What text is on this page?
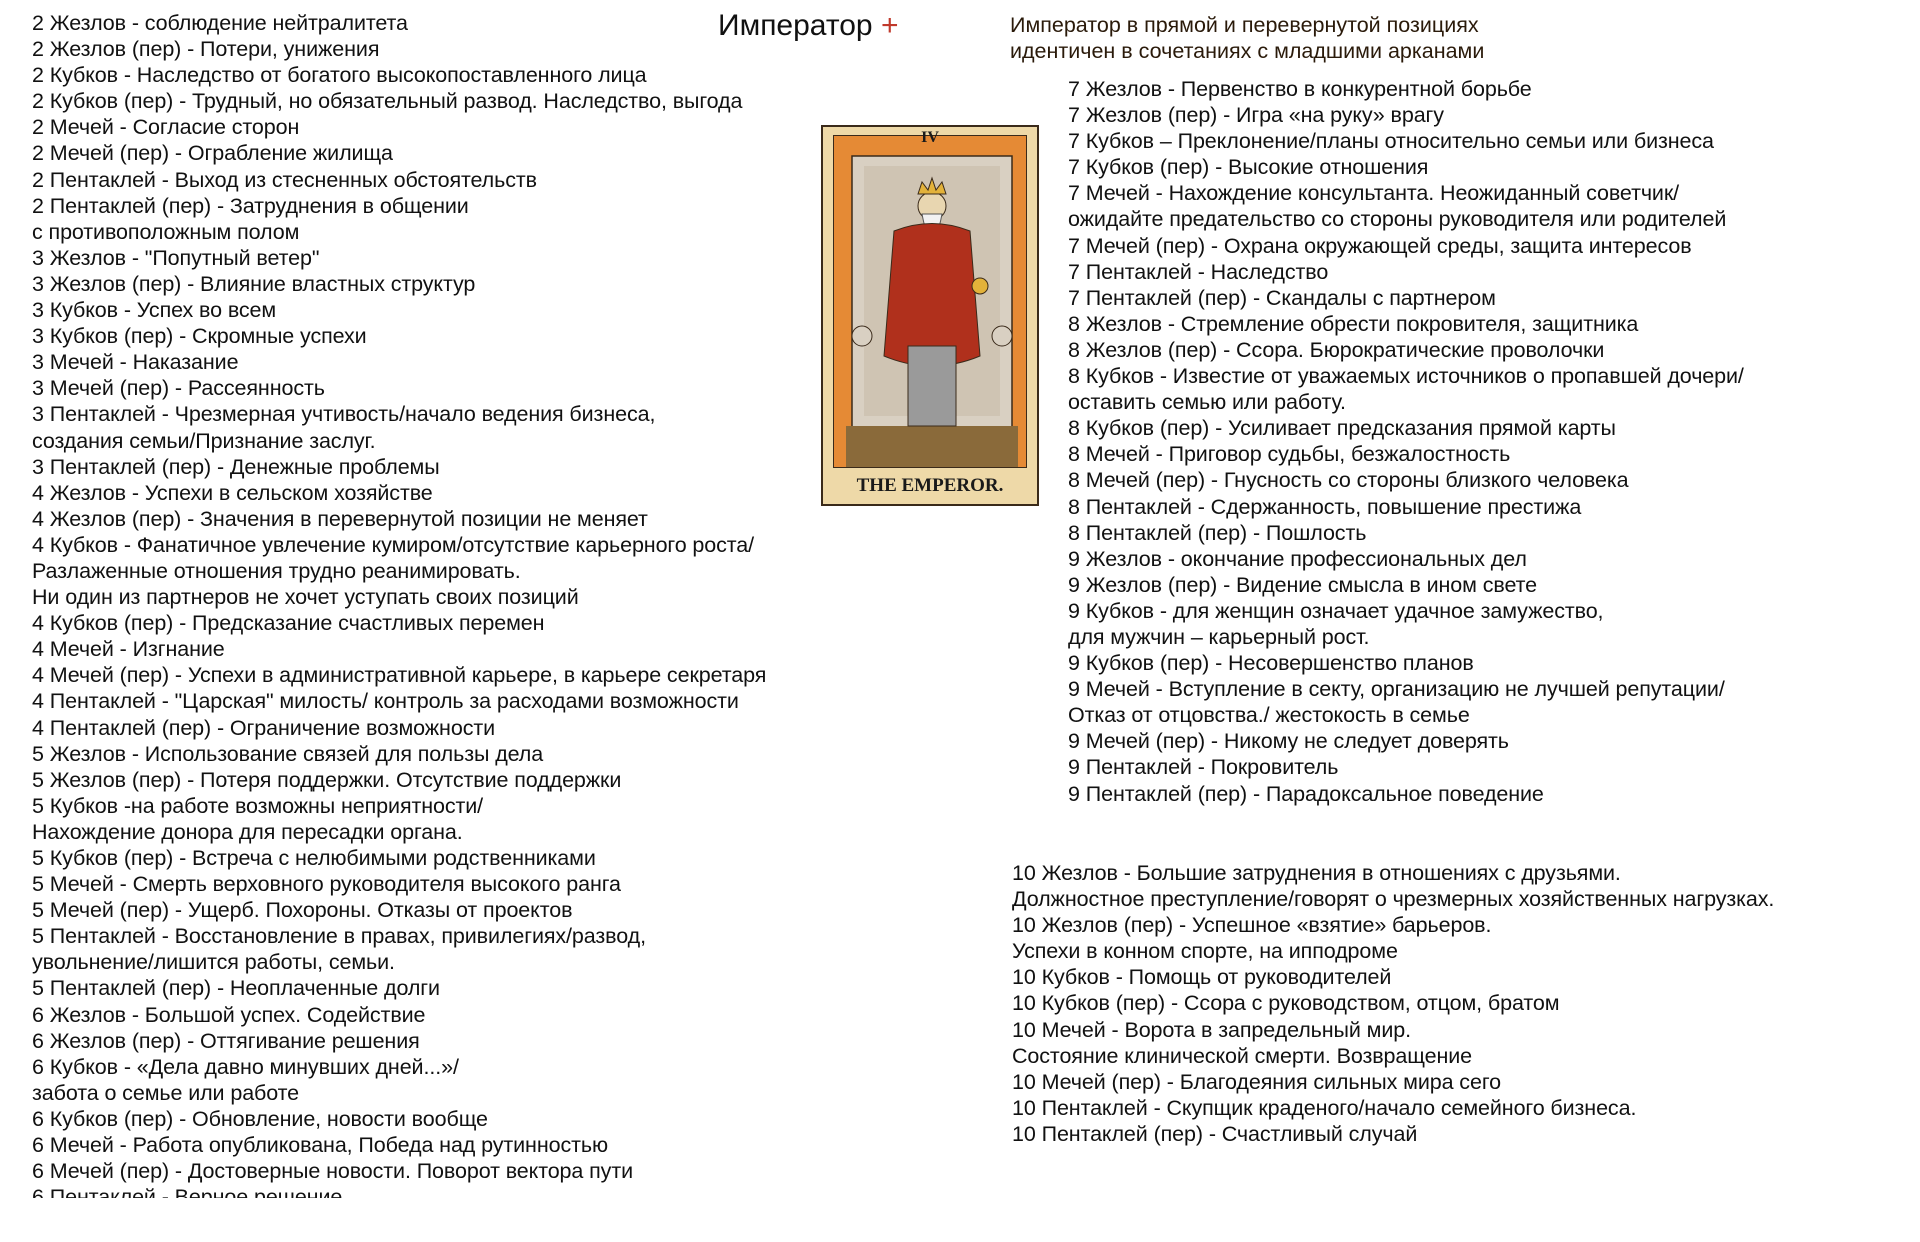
Император +	Император в прямой и перевернутой позициях
идентичен в сочетаниях с младшими арканами
IV
THE EMPEROR.
2 Жезлов - соблюдение нейтралитета
2 Жезлов (пер) - Потери, унижения
2 Кубков - Наследство от богатого высокопоставленного лица
2 Кубков (пер) - Трудный, но обязательный развод. Наследство, выгода
2 Мечей - Согласие сторон
2 Мечей (пер) - Ограбление жилища
2 Пентаклей - Выход из стесненных обстоятельств
2 Пентаклей (пер) - Затруднения в общении
с противоположным полом
3 Жезлов - "Попутный ветер"
3 Жезлов (пер) - Влияние властных структур
3 Кубков - Успех во всем
3 Кубков (пер) - Скромные успехи
3 Мечей - Наказание
3 Мечей (пер) - Рассеянность
3 Пентаклей - Чрезмерная учтивость/начало ведения бизнеса,
создания семьи/Признание заслуг.
3 Пентаклей (пер) - Денежные проблемы
4 Жезлов - Успехи в сельском хозяйстве
4 Жезлов (пер) - Значения в перевернутой позиции не меняет
4 Кубков - Фанатичное увлечение кумиром/отсутствие карьерного роста/
Разлаженные отношения трудно реанимировать.
Ни один из партнеров не хочет уступать своих позиций
4 Кубков (пер) - Предсказание счастливых перемен
4 Мечей - Изгнание
4 Мечей (пер) - Успехи в административной карьере, в карьере секретаря
4 Пентаклей - "Царская" милость/ контроль за расходами возможности
4 Пентаклей (пер) - Ограничение возможности
5 Жезлов - Использование связей для пользы дела
5 Жезлов (пер) - Потеря поддержки. Отсутствие поддержки
5 Кубков -на работе возможны неприятности/
Нахождение донора для пересадки органа.
5 Кубков (пер) - Встреча с нелюбимыми родственниками
5 Мечей - Смерть верховного руководителя высокого ранга
5 Мечей (пер) - Ущерб. Похороны. Отказы от проектов
5 Пентаклей - Восстановление в правах, привилегиях/развод,
увольнение/лишится работы, семьи.
5 Пентаклей (пер) - Неоплаченные долги
6 Жезлов - Большой успех. Содействие
6 Жезлов (пер) - Оттягивание решения
6 Кубков - «Дела давно минувших дней...»/
забота о семье или работе
6 Кубков (пер) - Обновление, новости вообще
6 Мечей - Работа опубликована, Победа над рутинностью
6 Мечей (пер) - Достоверные новости. Поворот вектора пути
7 Жезлов - Первенство в конкурентной борьбе
7 Жезлов (пер) - Игра «на руку» врагу
7 Кубков – Преклонение/планы относительно семьи или бизнеса
7 Кубков (пер) - Высокие отношения
7 Мечей - Нахождение консультанта. Неожиданный советчик/
ожидайте предательство со стороны руководителя или родителей
7 Мечей (пер) - Охрана окружающей среды, защита интересов
7 Пентаклей - Наследство
7 Пентаклей (пер) - Скандалы с партнером
8 Жезлов - Стремление обрести покровителя, защитника
8 Жезлов (пер) - Ссора. Бюрократические проволочки
8 Кубков - Известие от уважаемых источников о пропавшей дочери/
оставить семью или работу.
8 Кубков (пер) - Усиливает предсказания прямой карты
8 Мечей - Приговор судьбы, безжалостность
8 Мечей (пер) - Гнусность со стороны близкого человека
8 Пентаклей - Сдержанность, повышение престижа
8 Пентаклей (пер) - Пошлость
9 Жезлов - окончание профессиональных дел
9 Жезлов (пер) - Видение смысла в ином свете
9 Кубков - для женщин означает удачное замужество,
для мужчин – карьерный рост.
9 Кубков (пер) - Несовершенство планов
9 Мечей - Вступление в секту, организацию не лучшей репутации/
Отказ от отцовства./ жестокость в семье
9 Мечей (пер) - Никому не следует доверять
9 Пентаклей - Покровитель
9 Пентаклей (пер) - Парадоксальное поведение
10 Жезлов - Большие затруднения в отношениях с друзьями.
Должностное преступление/говорят о чрезмерных хозяйственных нагрузках.
10 Жезлов (пер) - Успешное «взятие» барьеров.
Успехи в конном спорте, на ипподроме
10 Кубков - Помощь от руководителей
10 Кубков (пер) - Ссора с руководством, отцом, братом
10 Мечей - Ворота в запредельный мир.
Состояние клинической смерти. Возвращение
10 Мечей (пер) - Благодеяния сильных мира сего
10 Пентаклей - Скупщик краденого/начало семейного бизнеса.
10 Пентаклей (пер) - Счастливый случай
